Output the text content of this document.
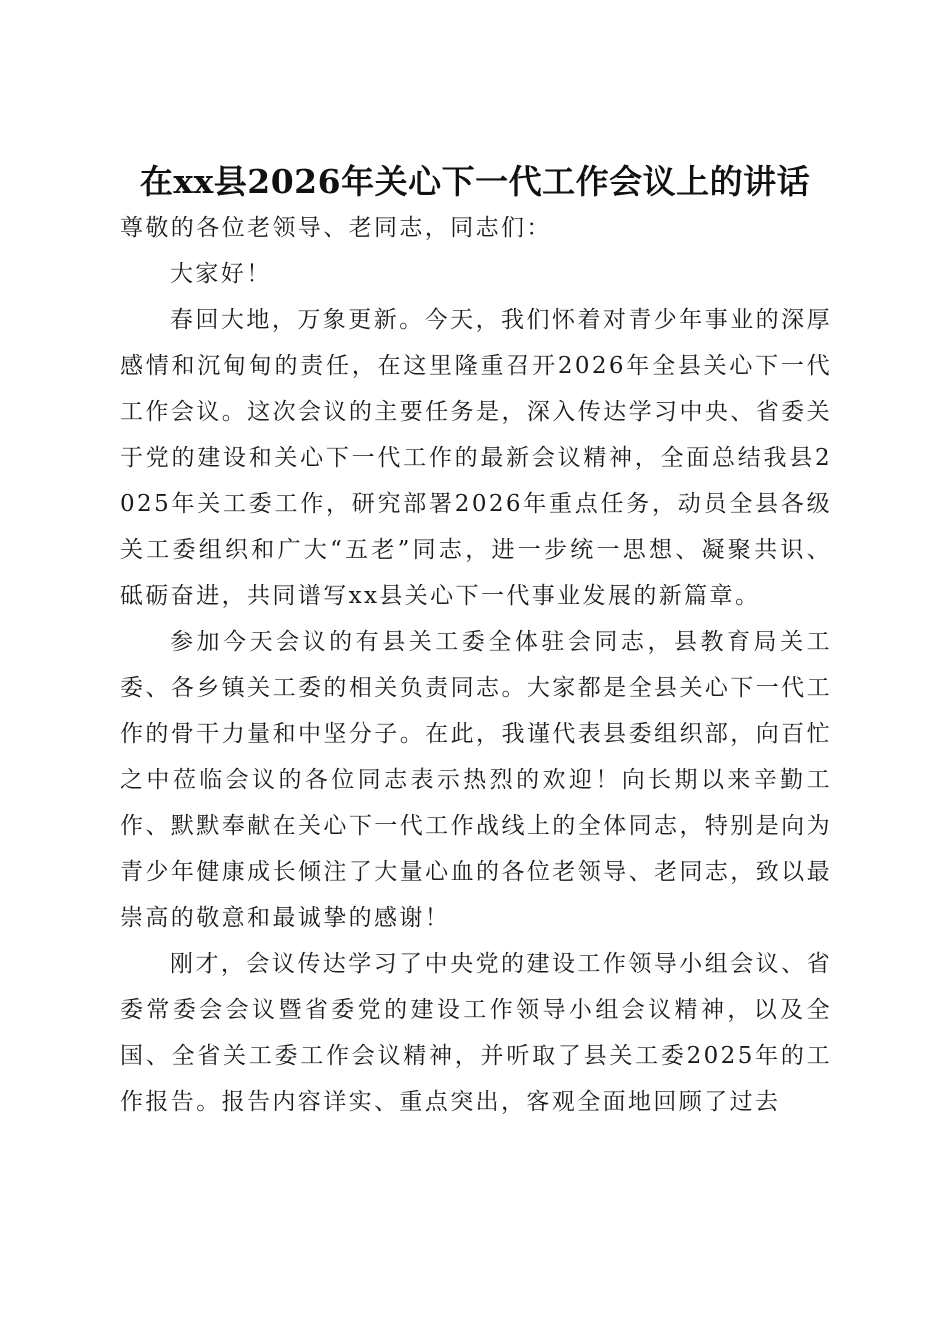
在xx县2026年关心下一代工作会议上的讲话

尊敬的各位老领导、老同志，同志们：

大家好！

春回大地，万象更新。今天，我们怀着对青少年事业的深厚感情和沉甸甸的责任，在这里隆重召开2026年全县关心下一代工作会议。这次会议的主要任务是，深入传达学习中央、省委关于党的建设和关心下一代工作的最新会议精神，全面总结我县2025年关工委工作，研究部署2026年重点任务，动员全县各级关工委组织和广大“五老”同志，进一步统一思想、凝聚共识、砥砺奋进，共同谱写xx县关心下一代事业发展的新篇章。

参加今天会议的有县关工委全体驻会同志，县教育局关工委、各乡镇关工委的相关负责同志。大家都是全县关心下一代工作的骨干力量和中坚分子。在此，我谨代表县委组织部，向百忙之中莅临会议的各位同志表示热烈的欢迎！向长期以来辛勤工作、默默奉献在关心下一代工作战线上的全体同志，特别是向为青少年健康成长倾注了大量心血的各位老领导、老同志，致以最崇高的敬意和最诚挚的感谢！

刚才，会议传达学习了中央党的建设工作领导小组会议、省委常委会会议暨省委党的建设工作领导小组会议精神，以及全国、全省关工委工作会议精神，并听取了县关工委2025年的工作报告。报告内容详实、重点突出，客观全面地回顾了过去
